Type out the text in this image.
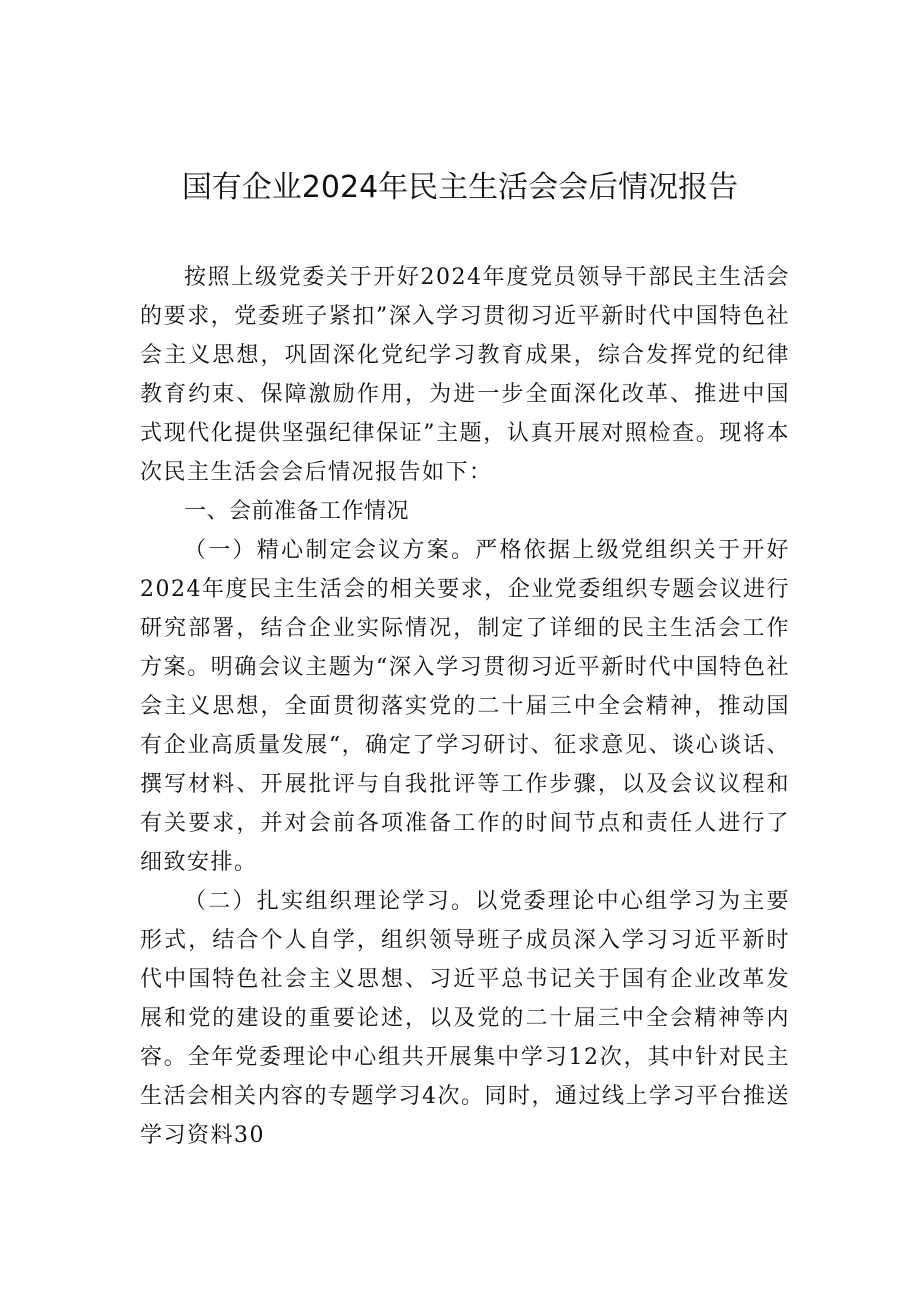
国有企业2024年民主生活会会后情况报告

按照上级党委关于开好2024年度党员领导干部民主生活会的要求，党委班子紧扣”深入学习贯彻习近平新时代中国特色社会主义思想，巩固深化党纪学习教育成果，综合发挥党的纪律教育约束、保障激励作用，为进一步全面深化改革、推进中国式现代化提供坚强纪律保证”主题，认真开展对照检查。现将本次民主生活会会后情况报告如下：

一、会前准备工作情况

（一）精心制定会议方案。严格依据上级党组织关于开好2024年度民主生活会的相关要求，企业党委组织专题会议进行研究部署，结合企业实际情况，制定了详细的民主生活会工作方案。明确会议主题为“深入学习贯彻习近平新时代中国特色社会主义思想，全面贯彻落实党的二十届三中全会精神，推动国有企业高质量发展“，确定了学习研讨、征求意见、谈心谈话、撰写材料、开展批评与自我批评等工作步骤，以及会议议程和有关要求，并对会前各项准备工作的时间节点和责任人进行了细致安排。

（二）扎实组织理论学习。以党委理论中心组学习为主要形式，结合个人自学，组织领导班子成员深入学习习近平新时代中国特色社会主义思想、习近平总书记关于国有企业改革发展和党的建设的重要论述，以及党的二十届三中全会精神等内容。全年党委理论中心组共开展集中学习12次，其中针对民主生活会相关内容的专题学习4次。同时，通过线上学习平台推送学习资料30
